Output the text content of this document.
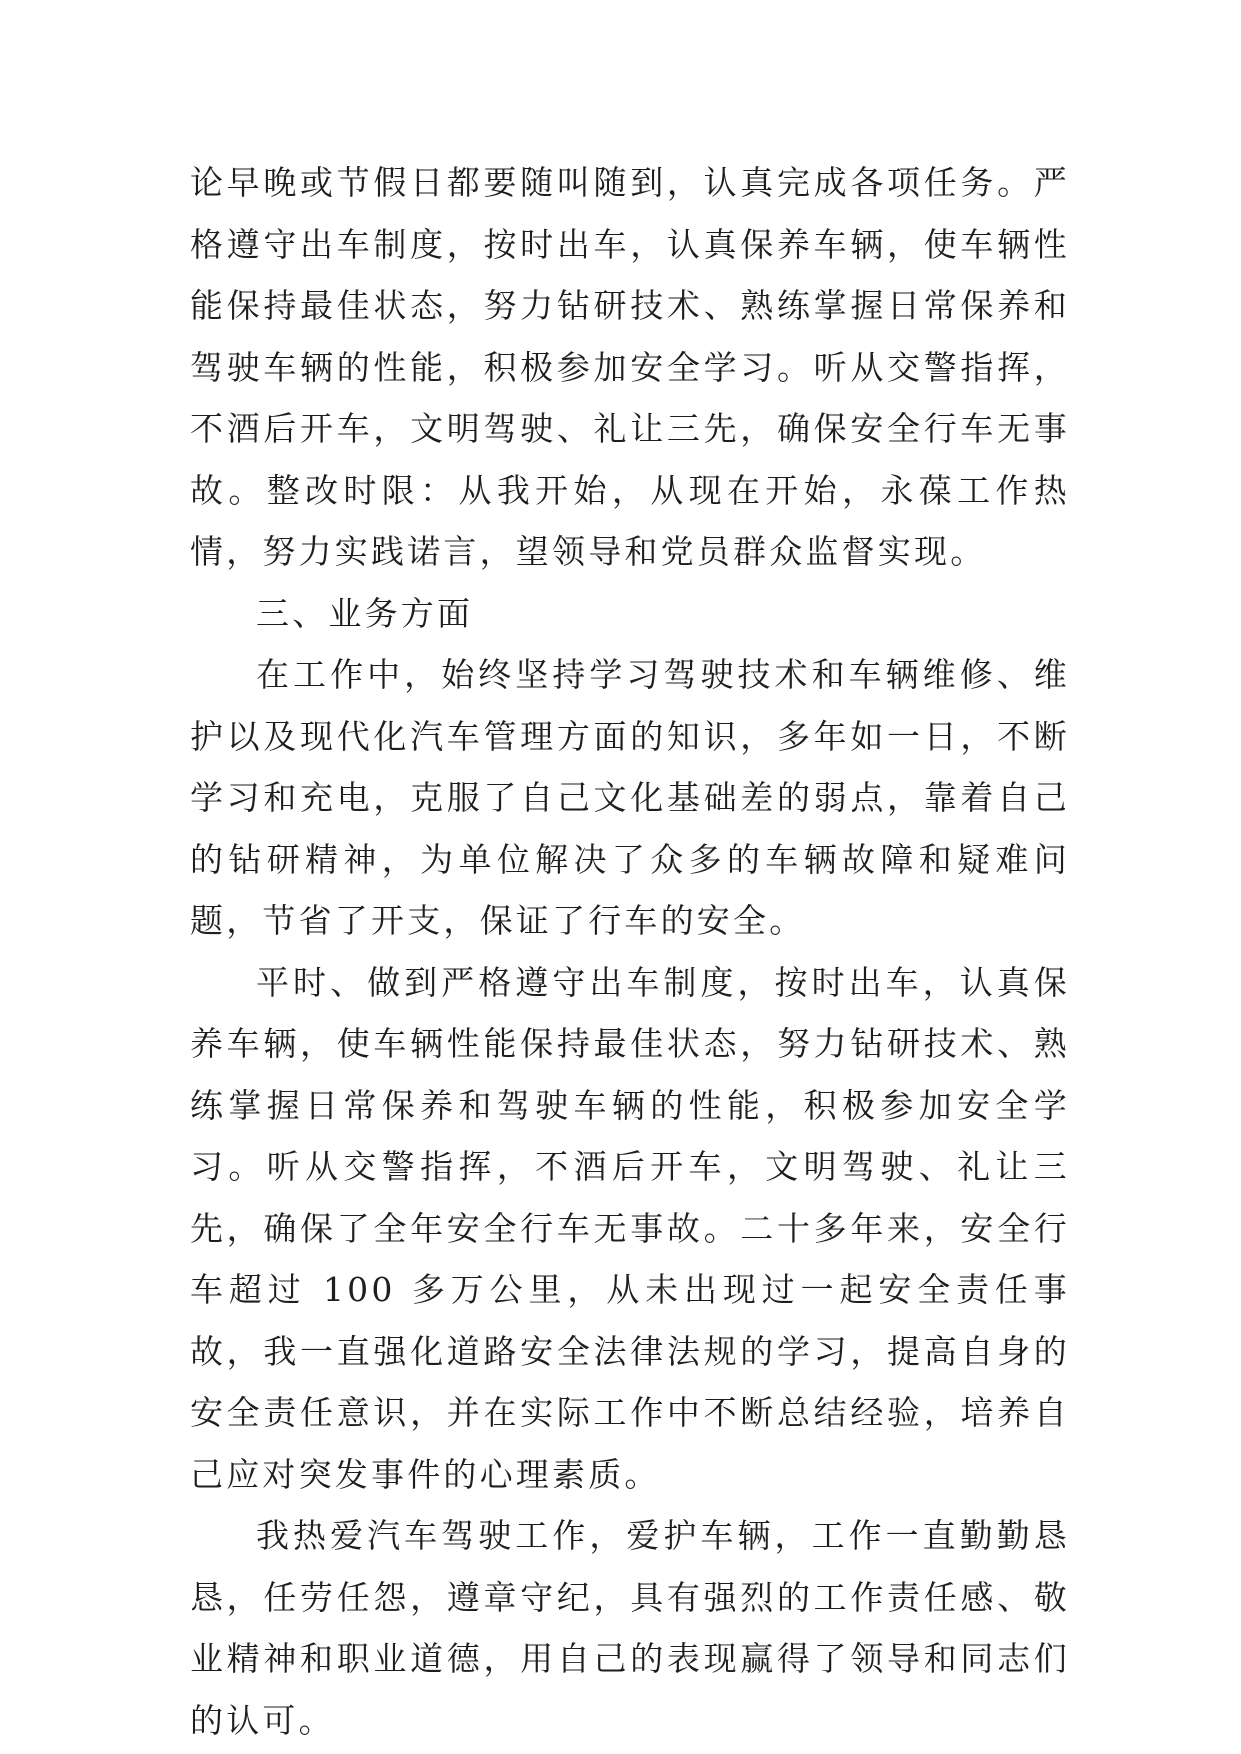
论早晚或节假日都要随叫随到，认真完成各项任务。严格遵守出车制度，按时出车，认真保养车辆，使车辆性能保持最佳状态，努力钻研技术、熟练掌握日常保养和驾驶车辆的性能，积极参加安全学习。听从交警指挥，不酒后开车，文明驾驶、礼让三先，确保安全行车无事故。整改时限：从我开始，从现在开始，永葆工作热情，努力实践诺言，望领导和党员群众监督实现。

三、业务方面

在工作中，始终坚持学习驾驶技术和车辆维修、维护以及现代化汽车管理方面的知识，多年如一日，不断学习和充电，克服了自己文化基础差的弱点，靠着自己的钻研精神，为单位解决了众多的车辆故障和疑难问题，节省了开支，保证了行车的安全。

平时、做到严格遵守出车制度，按时出车，认真保养车辆，使车辆性能保持最佳状态，努力钻研技术、熟练掌握日常保养和驾驶车辆的性能，积极参加安全学习。听从交警指挥，不酒后开车，文明驾驶、礼让三先，确保了全年安全行车无事故。二十多年来，安全行车超过 100 多万公里，从未出现过一起安全责任事故，我一直强化道路安全法律法规的学习，提高自身的安全责任意识，并在实际工作中不断总结经验，培养自己应对突发事件的心理素质。

我热爱汽车驾驶工作，爱护车辆，工作一直勤勤恳恳，任劳任怨，遵章守纪，具有强烈的工作责任感、敬业精神和职业道德，用自己的表现赢得了领导和同志们的认可。
